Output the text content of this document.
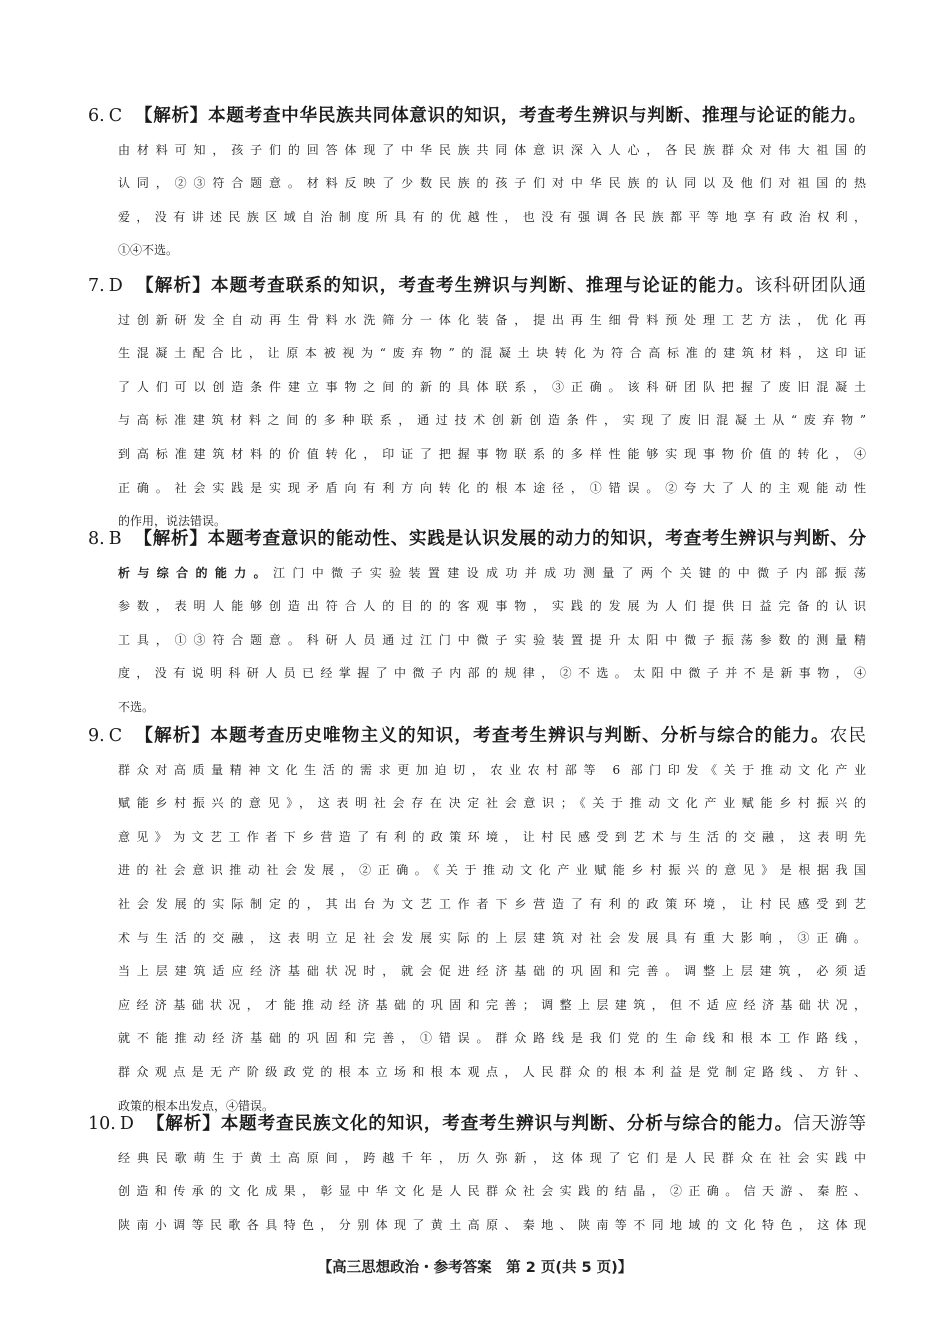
6. C 【解析】本题考查中华民族共同体意识的知识，考查考生辨识与判断、推理与论证的能力。
由材料可知，孩子们的回答体现了中华民族共同体意识深入人心，各民族群众对伟大祖国的
认同，②③符合题意。材料反映了少数民族的孩子们对中华民族的认同以及他们对祖国的热
爱，没有讲述民族区域自治制度所具有的优越性，也没有强调各民族都平等地享有政治权利，
①④不选。
7. D 【解析】本题考查联系的知识，考查考生辨识与判断、推理与论证的能力。该科研团队通
过创新研发全自动再生骨料水洗筛分一体化装备，提出再生细骨料预处理工艺方法，优化再
生混凝土配合比，让原本被视为“废弃物”的混凝土块转化为符合高标准的建筑材料，这印证
了人们可以创造条件建立事物之间的新的具体联系，③正确。该科研团队把握了废旧混凝土
与高标准建筑材料之间的多种联系，通过技术创新创造条件，实现了废旧混凝土从“废弃物”
到高标准建筑材料的价值转化，印证了把握事物联系的多样性能够实现事物价值的转化，④
正确。社会实践是实现矛盾向有利方向转化的根本途径，①错误。②夸大了人的主观能动性
的作用，说法错误。
8. B 【解析】本题考查意识的能动性、实践是认识发展的动力的知识，考查考生辨识与判断、分
析与综合的能力。江门中微子实验装置建设成功并成功测量了两个关键的中微子内部振荡
参数，表明人能够创造出符合人的目的的客观事物，实践的发展为人们提供日益完备的认识
工具，①③符合题意。科研人员通过江门中微子实验装置提升太阳中微子振荡参数的测量精
度，没有说明科研人员已经掌握了中微子内部的规律，②不选。太阳中微子并不是新事物，④
不选。
9. C 【解析】本题考查历史唯物主义的知识，考查考生辨识与判断、分析与综合的能力。农民
群众对高质量精神文化生活的需求更加迫切，农业农村部等 6 部门印发《关于推动文化产业
赋能乡村振兴的意见》，这表明社会存在决定社会意识；《关于推动文化产业赋能乡村振兴的
意见》为文艺工作者下乡营造了有利的政策环境，让村民感受到艺术与生活的交融，这表明先
进的社会意识推动社会发展，②正确。《关于推动文化产业赋能乡村振兴的意见》是根据我国
社会发展的实际制定的，其出台为文艺工作者下乡营造了有利的政策环境，让村民感受到艺
术与生活的交融，这表明立足社会发展实际的上层建筑对社会发展具有重大影响，③正确。
当上层建筑适应经济基础状况时，就会促进经济基础的巩固和完善。调整上层建筑，必须适
应经济基础状况，才能推动经济基础的巩固和完善；调整上层建筑，但不适应经济基础状况，
就不能推动经济基础的巩固和完善，①错误。群众路线是我们党的生命线和根本工作路线，
群众观点是无产阶级政党的根本立场和根本观点，人民群众的根本利益是党制定路线、方针、
政策的根本出发点，④错误。
10. D 【解析】本题考查民族文化的知识，考查考生辨识与判断、分析与综合的能力。信天游等
经典民歌萌生于黄土高原间，跨越千年，历久弥新，这体现了它们是人民群众在社会实践中
创造和传承的文化成果，彰显中华文化是人民群众社会实践的结晶，②正确。信天游、秦腔、
陕南小调等民歌各具特色，分别体现了黄土高原、秦地、陕南等不同地域的文化特色，这体现
【高三思想政治・参考答案　第 2 页(共 5 页)】
